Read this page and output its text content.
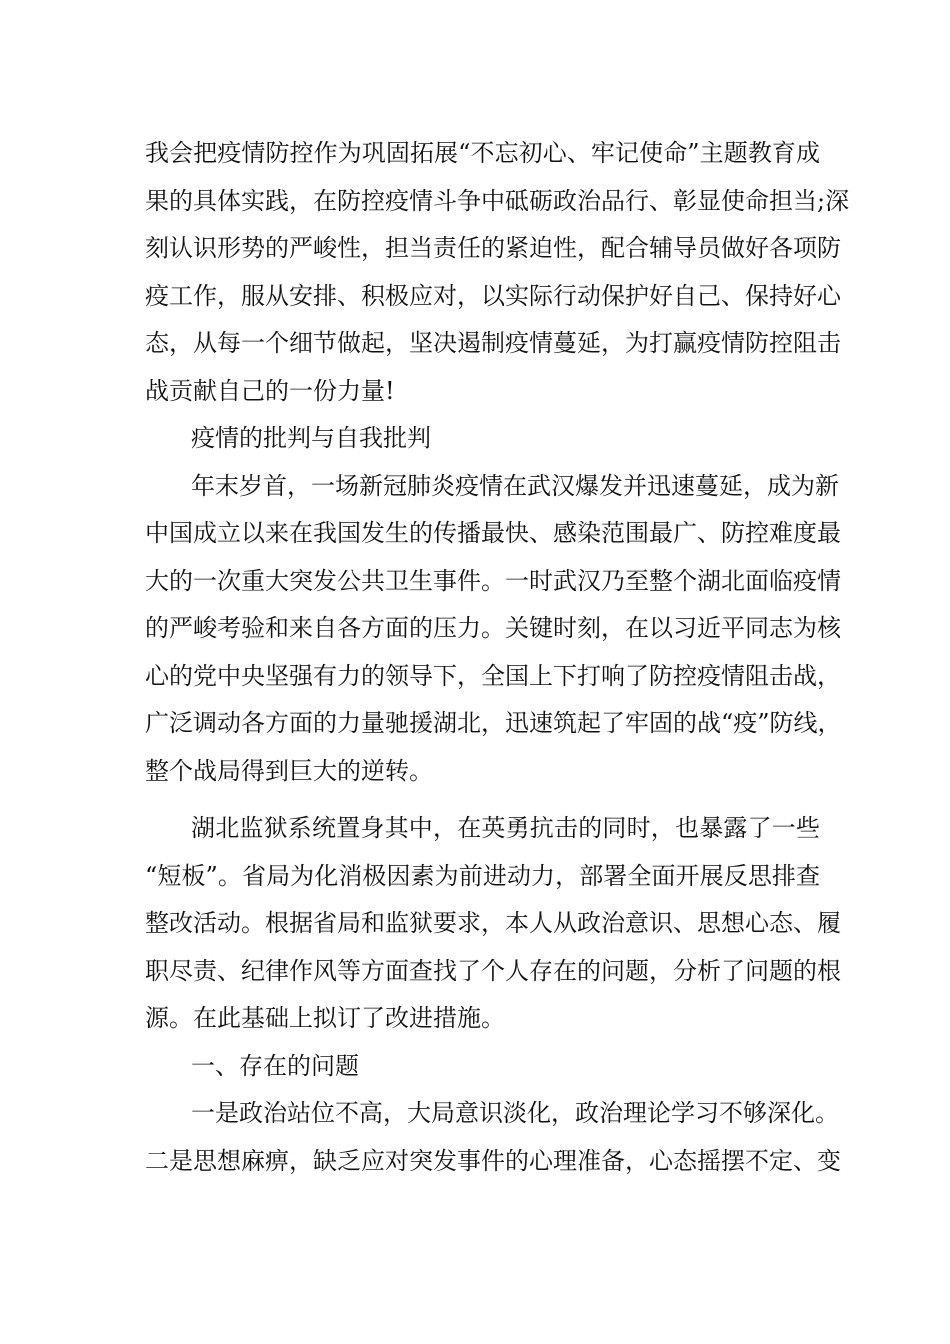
我会把疫情防控作为巩固拓展“不忘初心、牢记使命”主题教育成
果的具体实践，在防控疫情斗争中砥砺政治品行、彰显使命担当;深
刻认识形势的严峻性，担当责任的紧迫性，配合辅导员做好各项防
疫工作，服从安排、积极应对，以实际行动保护好自己、保持好心
态，从每一个细节做起，坚决遏制疫情蔓延，为打赢疫情防控阻击
战贡献自己的一份力量!
疫情的批判与自我批判
年末岁首，一场新冠肺炎疫情在武汉爆发并迅速蔓延，成为新
中国成立以来在我国发生的传播最快、感染范围最广、防控难度最
大的一次重大突发公共卫生事件。一时武汉乃至整个湖北面临疫情
的严峻考验和来自各方面的压力。关键时刻，在以习近平同志为核
心的党中央坚强有力的领导下，全国上下打响了防控疫情阻击战，
广泛调动各方面的力量驰援湖北，迅速筑起了牢固的战“疫”防线，
整个战局得到巨大的逆转。
湖北监狱系统置身其中，在英勇抗击的同时，也暴露了一些
“短板”。省局为化消极因素为前进动力，部署全面开展反思排查
整改活动。根据省局和监狱要求，本人从政治意识、思想心态、履
职尽责、纪律作风等方面查找了个人存在的问题，分析了问题的根
源。在此基础上拟订了改进措施。
一、存在的问题
一是政治站位不高，大局意识淡化，政治理论学习不够深化。
二是思想麻痹，缺乏应对突发事件的心理准备，心态摇摆不定、变
